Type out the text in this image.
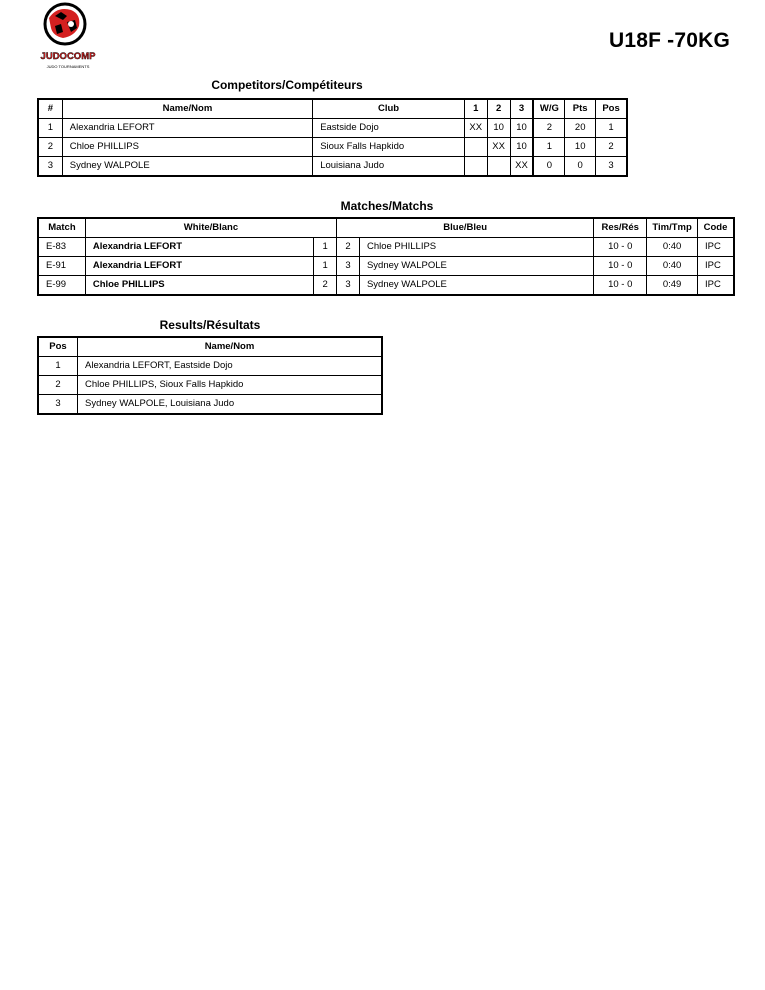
JUDOCOMP
JUDO TOURNAMENTS
U18F -70KG
Competitors/Compétiteurs
#	Name/Nom	Club	1	2	3	W/G	Pts	Pos
1	Alexandria LEFORT	Eastside Dojo	XX	10	10	2	20	1
2	Chloe PHILLIPS	Sioux Falls Hapkido		XX	10	1	10	2
3	Sydney WALPOLE	Louisiana Judo			XX	0	0	3
Matches/Matchs
Match	White/Blanc		Blue/Bleu		Res/Rés	Tim/Tmp	Code
E-83	Alexandria LEFORT	1	2	Chloe PHILLIPS	10 - 0	0:40	IPC
E-91	Alexandria LEFORT	1	3	Sydney WALPOLE	10 - 0	0:40	IPC
E-99	Chloe PHILLIPS	2	3	Sydney WALPOLE	10 - 0	0:49	IPC
Results/Résultats
Pos	Name/Nom
1	Alexandria LEFORT, Eastside Dojo
2	Chloe PHILLIPS, Sioux Falls Hapkido
3	Sydney WALPOLE, Louisiana Judo
